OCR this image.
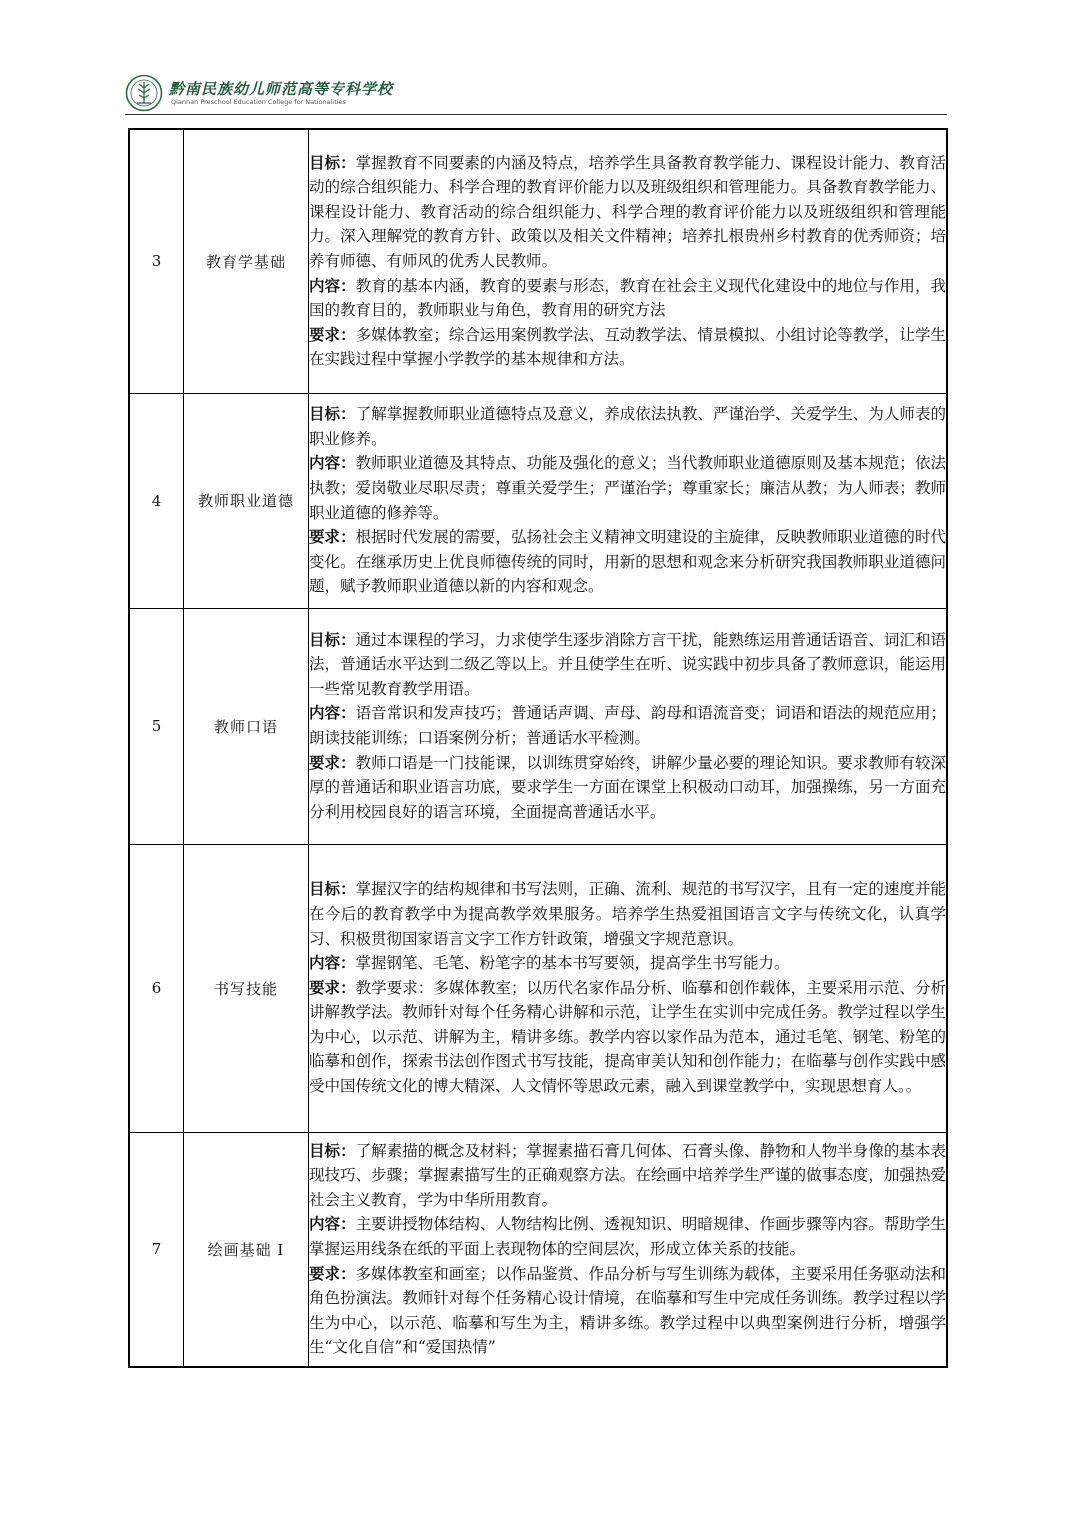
黔南民族幼儿师范高等专科学校
Qiannan Preschool Education College for Nationalities
3	教育学基础	目标：掌握教育不同要素的内涵及特点，培养学生具备教育教学能力、课程设计能力、教育活动的综合组织能力、科学合理的教育评价能力以及班级组织和管理能力。具备教育教学能力、课程设计能力、教育活动的综合组织能力、科学合理的教育评价能力以及班级组织和管理能力。深入理解党的教育方针、政策以及相关文件精神；培养扎根贵州乡村教育的优秀师资；培养有师德、有师风的优秀人民教师。
内容：教育的基本内涵，教育的要素与形态，教育在社会主义现代化建设中的地位与作用，我国的教育目的，教师职业与角色，教育用的研究方法
要求：多媒体教室；综合运用案例教学法、互动教学法、情景模拟、小组讨论等教学，让学生在实践过程中掌握小学教学的基本规律和方法。

4	教师职业道德	目标：了解掌握教师职业道德特点及意义，养成依法执教、严谨治学、关爱学生、为人师表的职业修养。
内容：教师职业道德及其特点、功能及强化的意义；当代教师职业道德原则及基本规范；依法执教；爱岗敬业尽职尽责；尊重关爱学生；严谨治学；尊重家长；廉洁从教；为人师表；教师职业道德的修养等。
要求：根据时代发展的需要，弘扬社会主义精神文明建设的主旋律，反映教师职业道德的时代变化。在继承历史上优良师德传统的同时，用新的思想和观念来分析研究我国教师职业道德问题，赋予教师职业道德以新的内容和观念。

5	教师口语	目标：通过本课程的学习，力求使学生逐步消除方言干扰，能熟练运用普通话语音、词汇和语法，普通话水平达到二级乙等以上。并且使学生在听、说实践中初步具备了教师意识，能运用一些常见教育教学用语。
内容：语音常识和发声技巧；普通话声调、声母、韵母和语流音变；词语和语法的规范应用；朗读技能训练；口语案例分析；普通话水平检测。
要求：教师口语是一门技能课，以训练贯穿始终，讲解少量必要的理论知识。要求教师有较深厚的普通话和职业语言功底，要求学生一方面在课堂上积极动口动耳，加强操练，另一方面充分利用校园良好的语言环境，全面提高普通话水平。

6	书写技能	目标：掌握汉字的结构规律和书写法则，正确、流利、规范的书写汉字，且有一定的速度并能在今后的教育教学中为提高教学效果服务。培养学生热爱祖国语言文字与传统文化，认真学习、积极贯彻国家语言文字工作方针政策，增强文字规范意识。
内容：掌握钢笔、毛笔、粉笔字的基本书写要领，提高学生书写能力。
要求：教学要求：多媒体教室；以历代名家作品分析、临摹和创作载体，主要采用示范、分析讲解教学法。教师针对每个任务精心讲解和示范，让学生在实训中完成任务。教学过程以学生为中心，以示范、讲解为主，精讲多练。教学内容以家作品为范本，通过毛笔、钢笔、粉笔的临摹和创作，探索书法创作图式书写技能，提高审美认知和创作能力；在临摹与创作实践中感受中国传统文化的博大精深、人文情怀等思政元素，融入到课堂教学中，实现思想育人。。

7	绘画基础 I	目标：了解素描的概念及材料；掌握素描石膏几何体、石膏头像、静物和人物半身像的基本表现技巧、步骤；掌握素描写生的正确观察方法。在绘画中培养学生严谨的做事态度，加强热爱社会主义教育，学为中华所用教育。
内容：主要讲授物体结构、人物结构比例、透视知识、明暗规律、作画步骤等内容。帮助学生掌握运用线条在纸的平面上表现物体的空间层次，形成立体关系的技能。
要求：多媒体教室和画室；以作品鉴赏、作品分析与写生训练为载体，主要采用任务驱动法和角色扮演法。教师针对每个任务精心设计情境，在临摹和写生中完成任务训练。教学过程以学生为中心，以示范、临摹和写生为主，精讲多练。教学过程中以典型案例进行分析，增强学生“文化自信”和“爱国热情”
